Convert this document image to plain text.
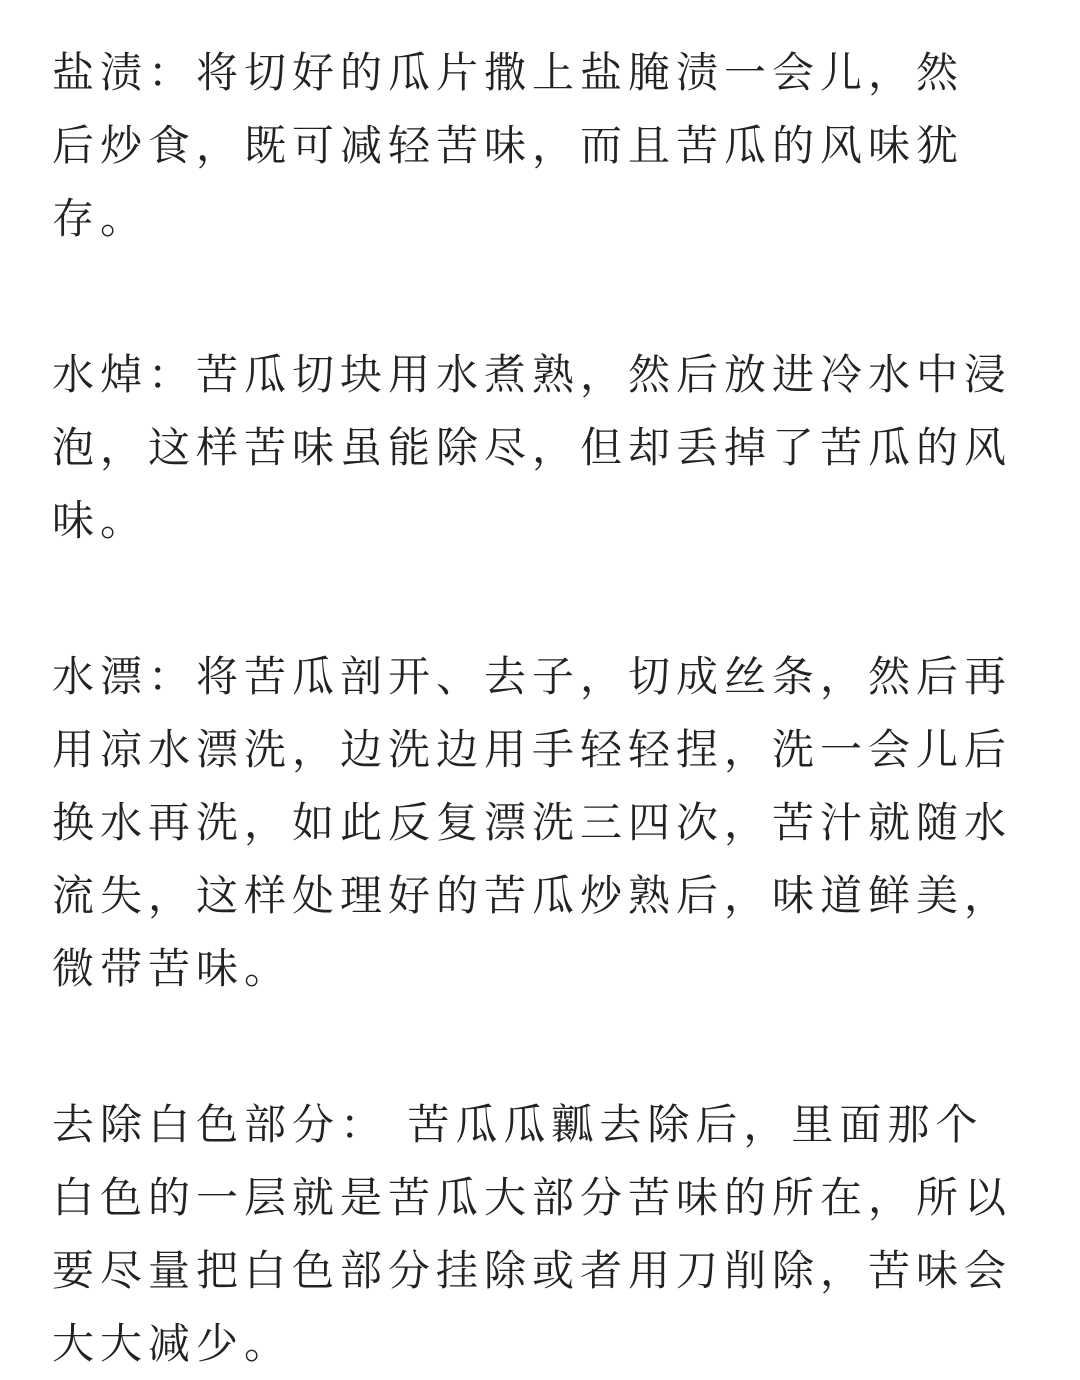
盐渍：将切好的瓜片撒上盐腌渍一会儿，然
后炒食，既可减轻苦味，而且苦瓜的风味犹
存。

水焯：苦瓜切块用水煮熟，然后放进冷水中浸
泡，这样苦味虽能除尽，但却丢掉了苦瓜的风
味。

水漂：将苦瓜剖开、去子，切成丝条，然后再
用凉水漂洗，边洗边用手轻轻捏，洗一会儿后
换水再洗，如此反复漂洗三四次，苦汁就随水
流失，这样处理好的苦瓜炒熟后，味道鲜美，
微带苦味。

去除白色部分： 苦瓜瓜瓤去除后，里面那个
白色的一层就是苦瓜大部分苦味的所在，所以
要尽量把白色部分挂除或者用刀削除，苦味会
大大减少。
